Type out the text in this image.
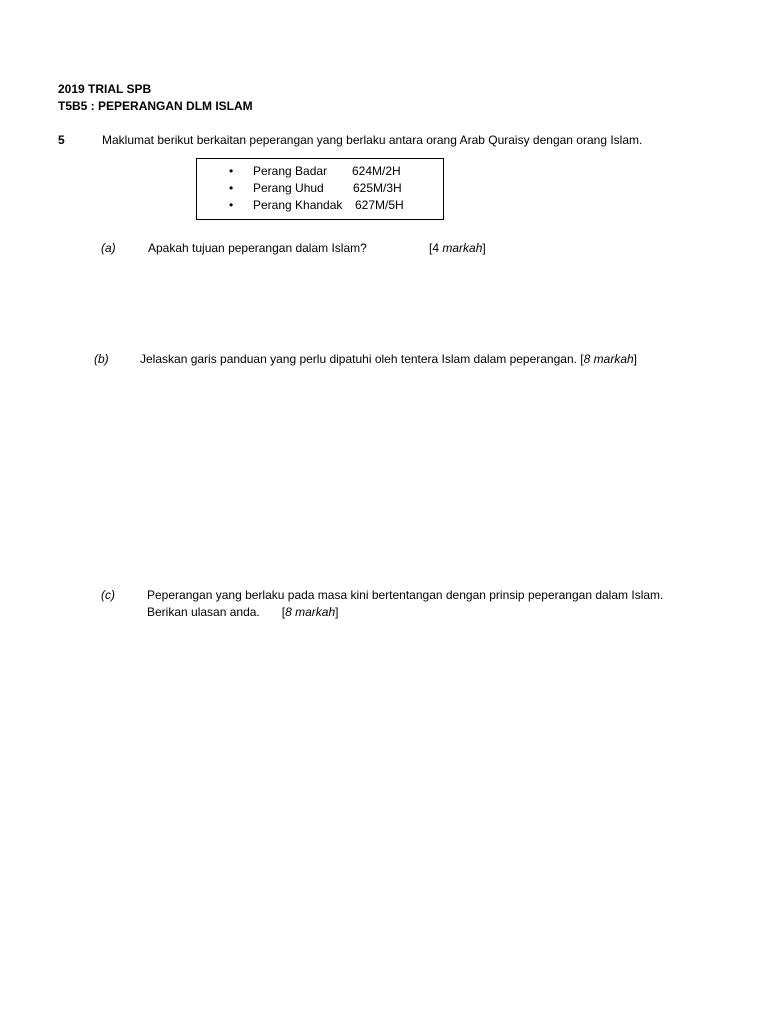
2019 TRIAL SPB
T5B5 : PEPERANGAN DLM ISLAM
5	Maklumat berikut berkaitan peperangan yang berlaku antara orang Arab Quraisy dengan orang Islam.
• Perang Badar 624M/2H
• Perang Uhud 625M/3H
• Perang Khandak 627M/5H
(a)	Apakah tujuan peperangan dalam Islam?	[4 markah]
(b)	Jelaskan garis panduan yang perlu dipatuhi oleh tentera Islam dalam peperangan. [8 markah]
(c)	Peperangan yang berlaku pada masa kini bertentangan dengan prinsip peperangan dalam Islam.
Berikan ulasan anda. [8 markah]
